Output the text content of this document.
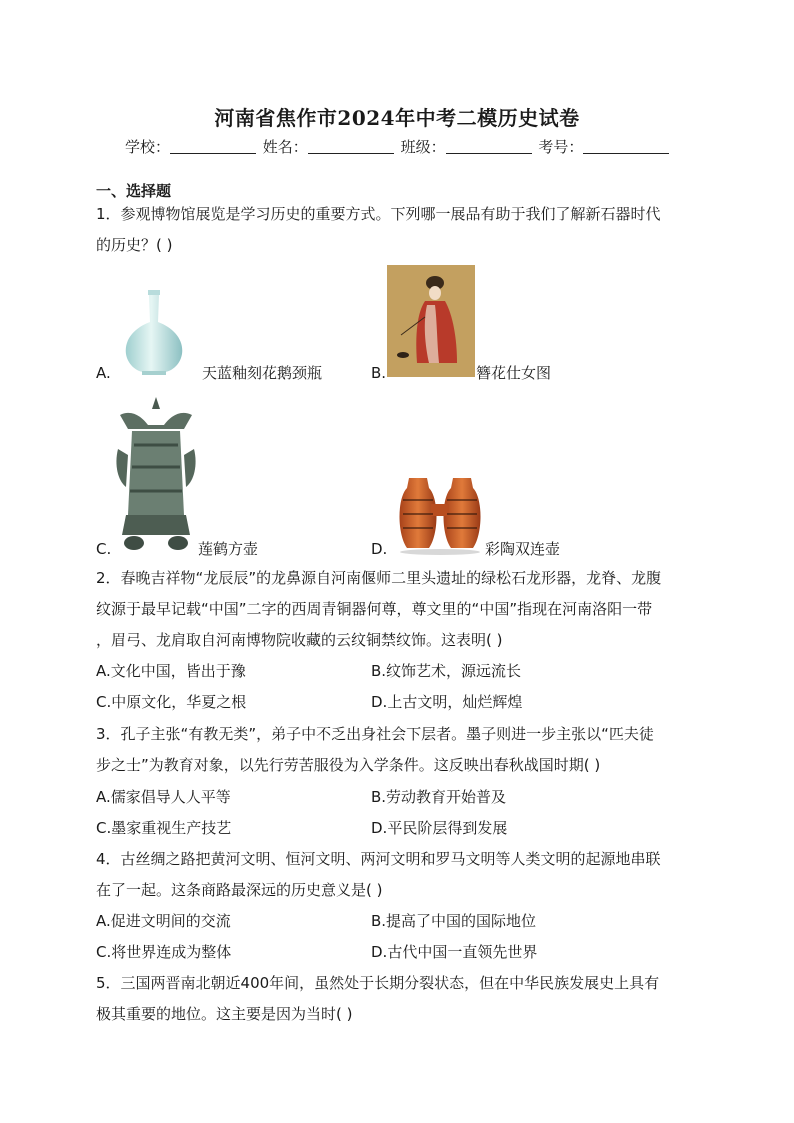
河南省焦作市2024年中考二模历史试卷
学校：	姓名：	班级：	考号：
一、选择题
1．参观博物馆展览是学习历史的重要方式。下列哪一展品有助于我们了解新石器时代
的历史？( )
A.	天蓝釉刻花鹅颈瓶	B.	簪花仕女图
C.	莲鹤方壶	D.	彩陶双连壶
2．春晚吉祥物“龙辰辰”的龙鼻源自河南偃师二里头遗址的绿松石龙形器，龙脊、龙腹
纹源于最早记载“中国”二字的西周青铜器何尊，尊文里的“中国”指现在河南洛阳一带
，眉弓、龙肩取自河南博物院收藏的云纹铜禁纹饰。这表明( )
A.文化中国，皆出于豫	B.纹饰艺术，源远流长
C.中原文化，华夏之根	D.上古文明，灿烂辉煌
3．孔子主张“有教无类”，弟子中不乏出身社会下层者。墨子则进一步主张以“匹夫徒
步之士”为教育对象，以先行劳苦服役为入学条件。这反映出春秋战国时期( )
A.儒家倡导人人平等	B.劳动教育开始普及
C.墨家重视生产技艺	D.平民阶层得到发展
4．古丝绸之路把黄河文明、恒河文明、两河文明和罗马文明等人类文明的起源地串联
在了一起。这条商路最深远的历史意义是( )
A.促进文明间的交流	B.提高了中国的国际地位
C.将世界连成为整体	D.古代中国一直领先世界
5．三国两晋南北朝近400年间，虽然处于长期分裂状态，但在中华民族发展史上具有
极其重要的地位。这主要是因为当时( )
